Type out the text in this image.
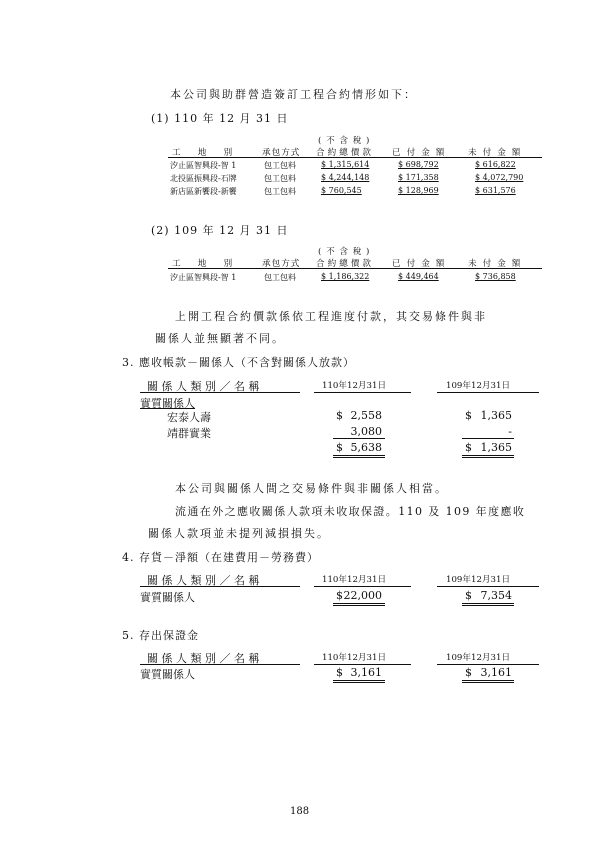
本公司與助群營造簽訂工程合約情形如下：
(1) 110 年 12 月 31 日
( 不 含 稅 )
工　　地　　別	承包方式 合約總價款 已付金額 未付金額
汐止區智興段-智 1	包工包料	$ 1,315,614	$ 698,792	$ 616,822
北投區振興段-石牌	包工包料	$ 4,244,148	$ 171,358	$ 4,072,790
新店區新饗段-新饗	包工包料	$ 760,545	$ 128,969	$ 631,576
(2) 109 年 12 月 31 日
( 不 含 稅 )
工　　地　　別	承包方式 合約總價款 已付金額 未付金額
汐止區智興段-智 1	包工包料	$ 1,186,322	$ 449,464	$ 736,858
上開工程合約價款係依工程進度付款，其交易條件與非
關係人並無顯著不同。
3. 應收帳款－關係人（不含對關係人放款）
關 係 人 類 別 ／ 名 稱	110年12月31日	109年12月31日
實質關係人
宏泰人壽	$ 2,558	$ 1,365
靖群實業	3,080	-
$ 5,638	$ 1,365
本公司與關係人間之交易條件與非關係人相當。
流通在外之應收關係人款項未收取保證。110 及 109 年度應收
關係人款項並未提列減損損失。
4. 存貨－淨額（在建費用－勞務費）
關 係 人 類 別 ／ 名 稱	110年12月31日	109年12月31日
實質關係人	$ 22,000	$ 7,354
5. 存出保證金
關 係 人 類 別 ／ 名 稱	110年12月31日	109年12月31日
實質關係人	$ 3,161	$ 3,161
188
